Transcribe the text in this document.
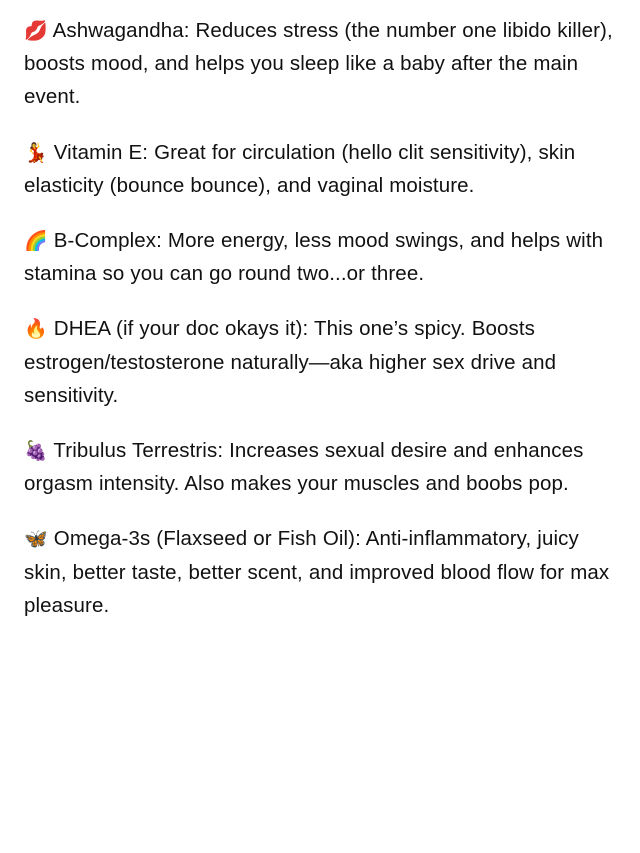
💋 Ashwagandha: Reduces stress (the number one libido killer), boosts mood, and helps you sleep like a baby after the main event.

💃 Vitamin E: Great for circulation (hello clit sensitivity), skin elasticity (bounce bounce), and vaginal moisture.

🌈 B-Complex: More energy, less mood swings, and helps with stamina so you can go round two...or three.

🔥 DHEA (if your doc okays it): This one’s spicy. Boosts estrogen/testosterone naturally—aka higher sex drive and sensitivity.

🍇 Tribulus Terrestris: Increases sexual desire and enhances orgasm intensity. Also makes your muscles and boobs pop.

🦋 Omega-3s (Flaxseed or Fish Oil): Anti-inflammatory, juicy skin, better taste, better scent, and improved blood flow for max pleasure.
